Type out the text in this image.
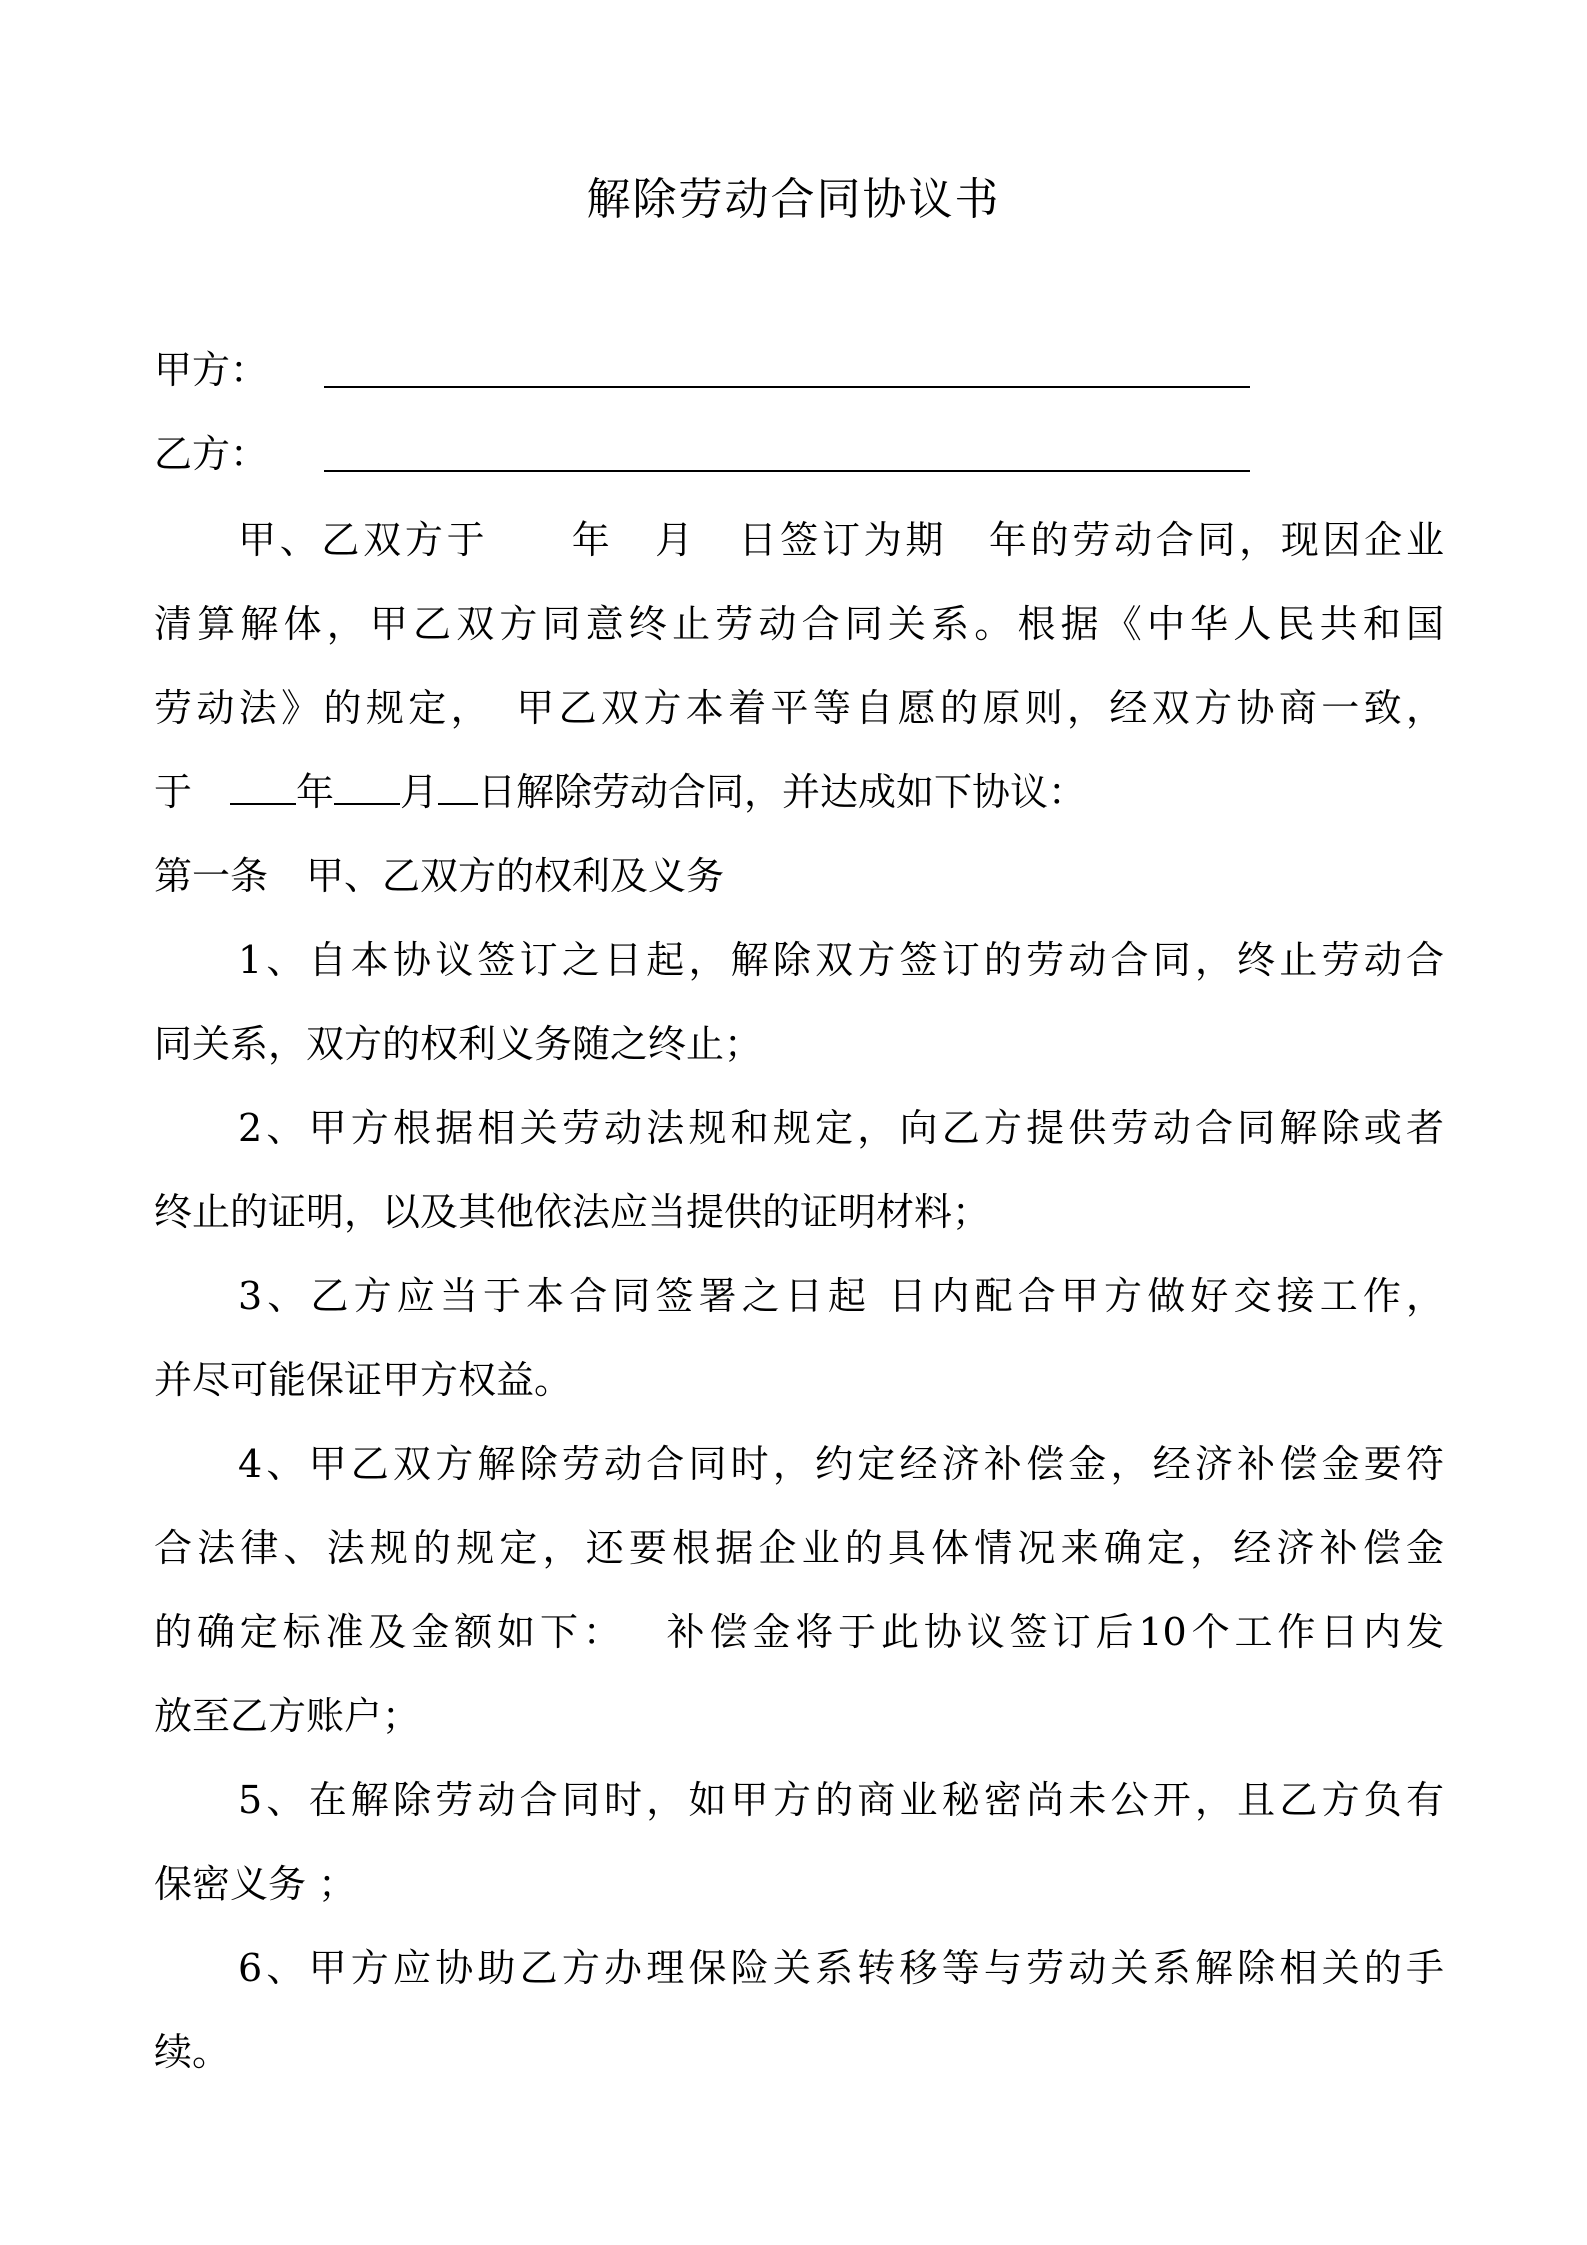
解除劳动合同协议书
甲方：
乙方：
甲、乙双方于　　年　月　日签订为期　年的劳动合同，现因企业
清算解体，甲乙双方同意终止劳动合同关系。根据《中华人民共和国
劳动法》的规定，　甲乙双方本着平等自愿的原则，经双方协商一致，
于　年 月 日解除劳动合同，并达成如下协议：
第一条　甲、乙双方的权利及义务
1、自本协议签订之日起，解除双方签订的劳动合同，终止劳动合
同关系，双方的权利义务随之终止；
2、甲方根据相关劳动法规和规定，向乙方提供劳动合同解除或者
终止的证明，以及其他依法应当提供的证明材料；
3、乙方应当于本合同签署之日起 日内配合甲方做好交接工作，
并尽可能保证甲方权益。
4、甲乙双方解除劳动合同时，约定经济补偿金，经济补偿金要符
合法律、法规的规定，还要根据企业的具体情况来确定，经济补偿金
的确定标准及金额如下：　 补偿金将于此协议签订后10个工作日内发
放至乙方账户；
5、在解除劳动合同时，如甲方的商业秘密尚未公开，且乙方负有
保密义务 ；
6、甲方应协助乙方办理保险关系转移等与劳动关系解除相关的手
续。
